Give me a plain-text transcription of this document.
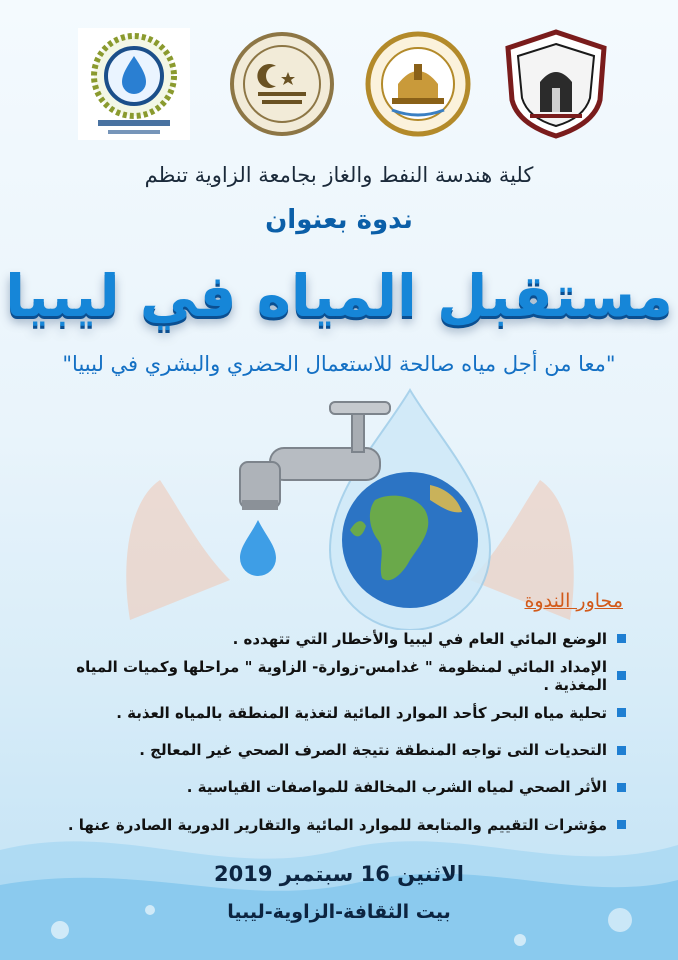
كلية هندسة النفط والغاز بجامعة الزاوية تنظم
ندوة بعنوان
مستقبل المياه في ليبيا
"معا من أجل مياه صالحة للاستعمال الحضري والبشري في ليبيا"
محاور الندوة
الوضع المائي العام في ليبيا والأخطار التي تتهدده .
الإمداد المائي لمنظومة " غدامس-زوارة- الزاوية " مراحلها وكميات المياه المغذية .
تحلية مياه البحر كأحد الموارد المائية لتغذية المنطقة بالمياه العذبة .
التحديات التى تواجه المنطقة نتيجة الصرف الصحي غير المعالج .
الأثر الصحي لمياه الشرب المخالفة للمواصفات القياسية .
مؤشرات التقييم والمتابعة للموارد المائية والتقارير الدورية الصادرة عنها .
الاثنين 16 سبتمبر 2019
بيت الثقافة-الزاوية-ليبيا
